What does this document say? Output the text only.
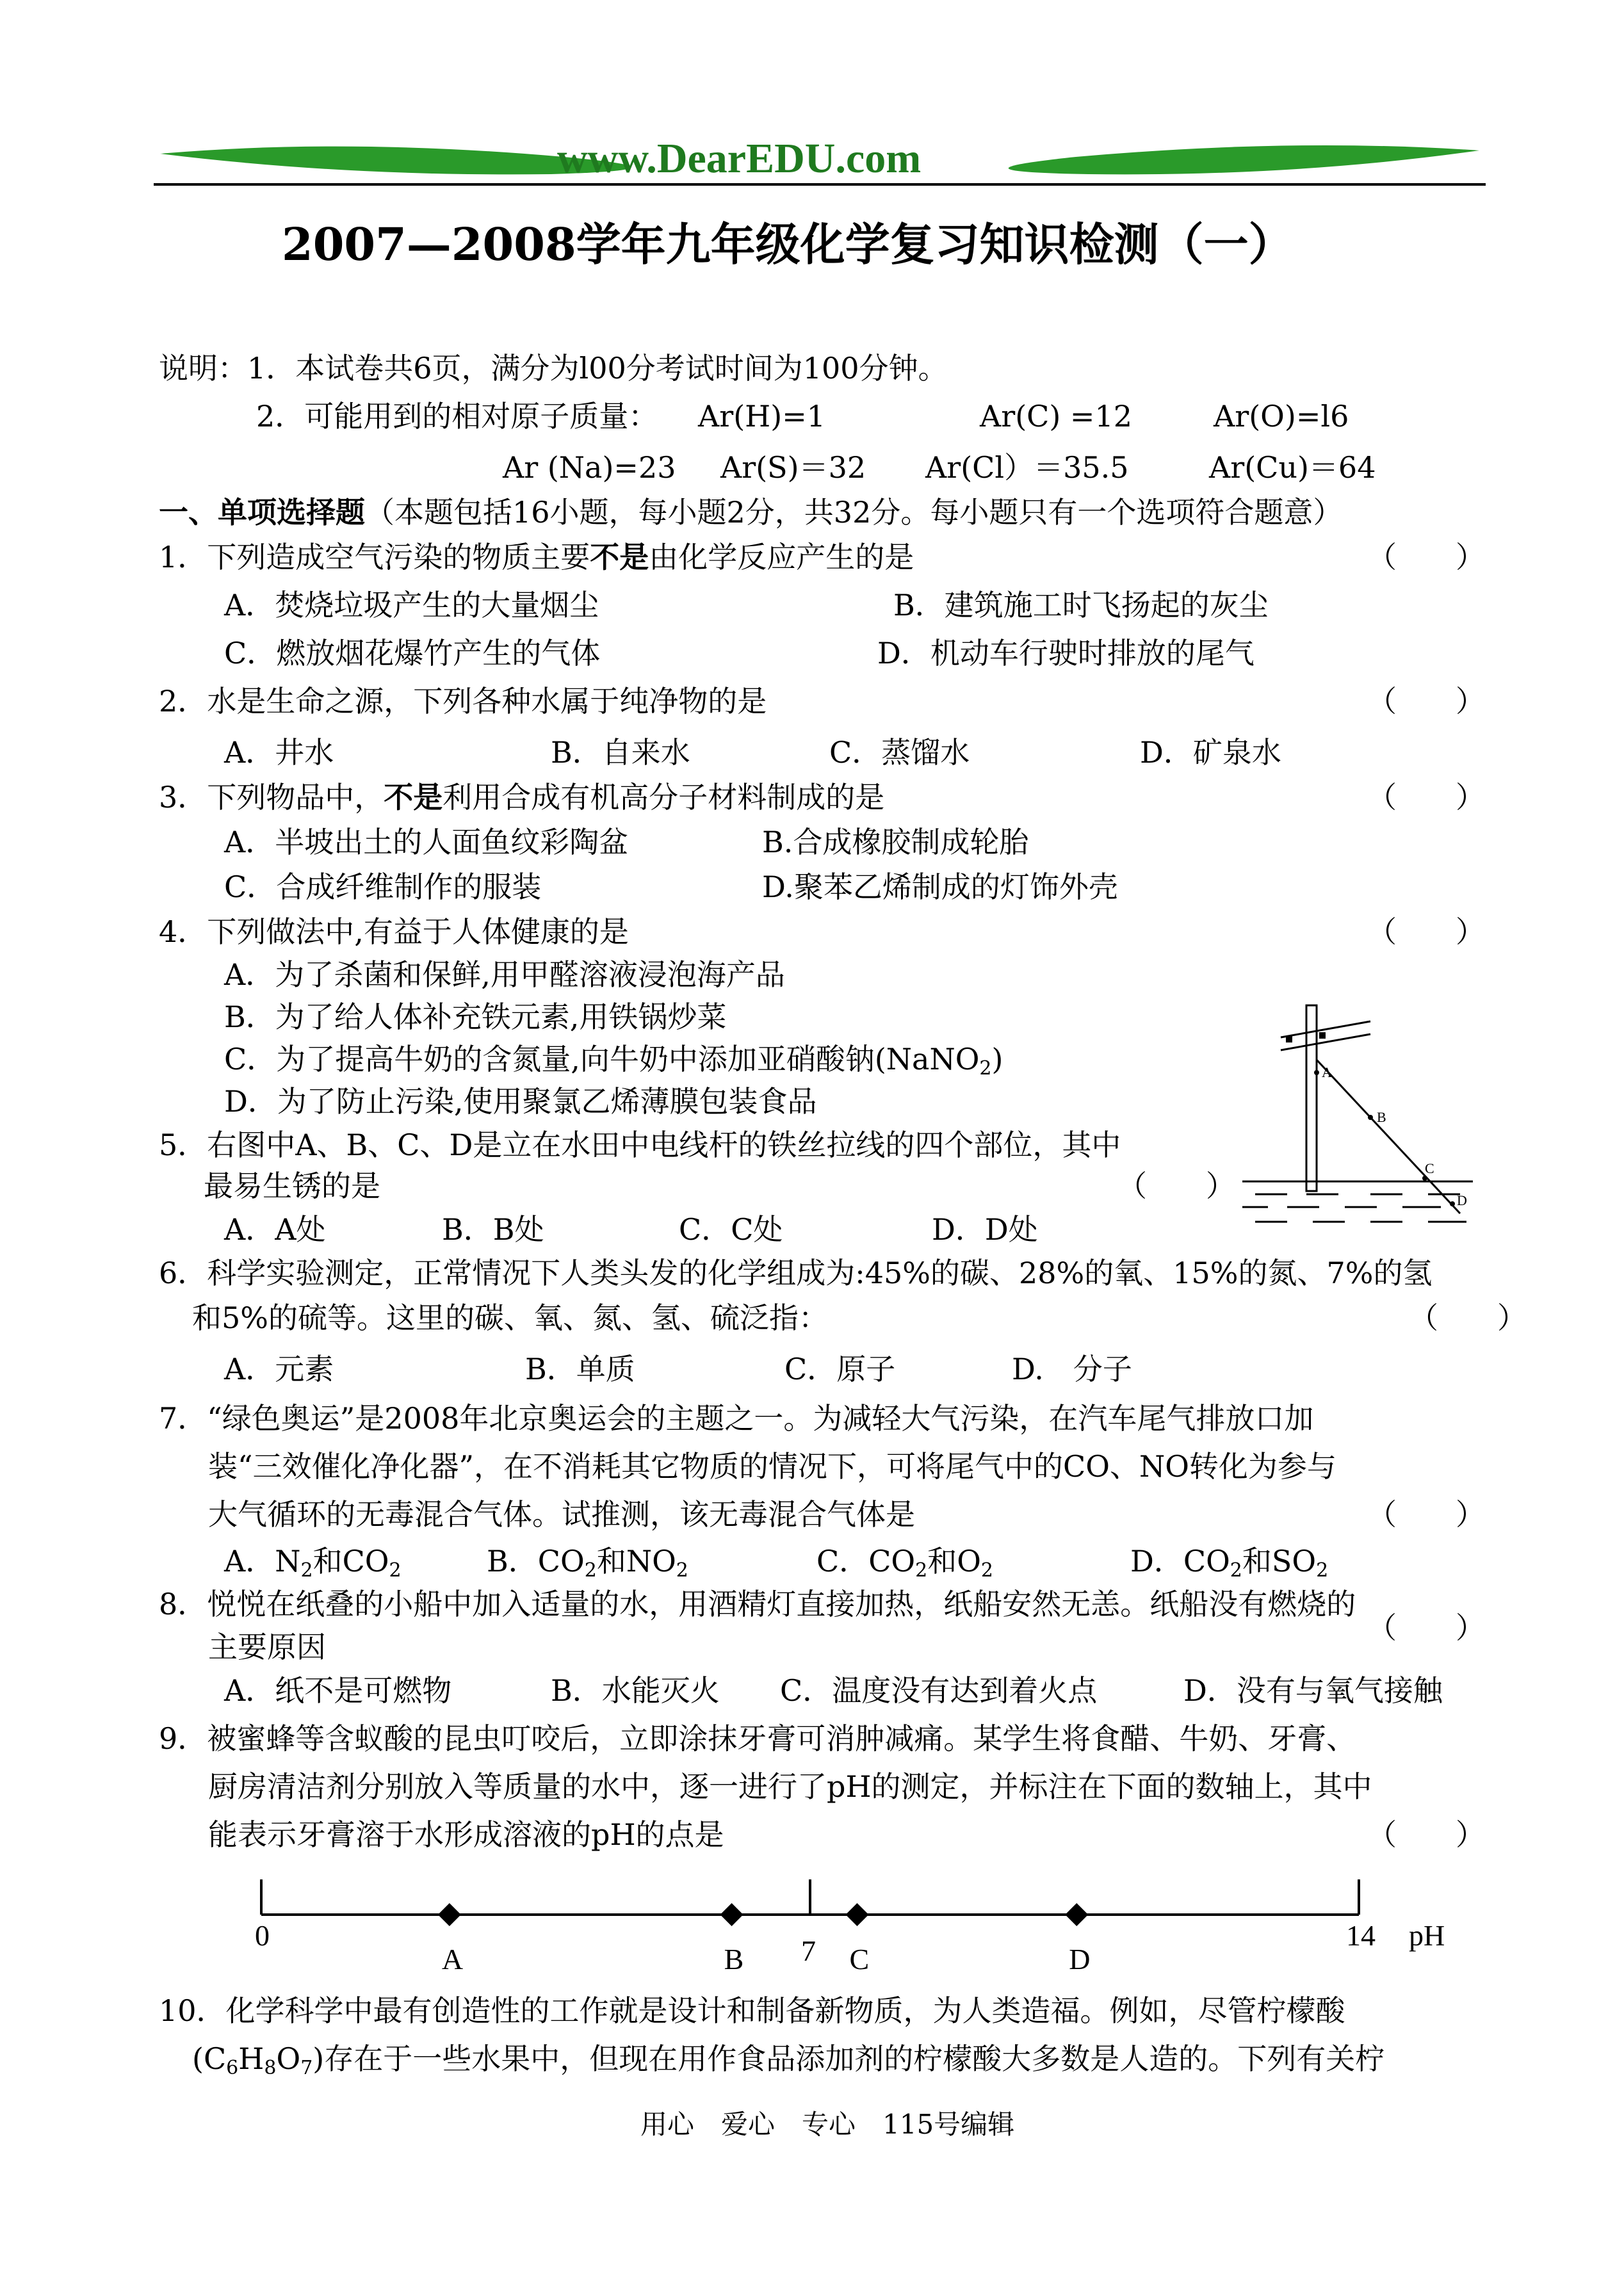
www.DearEDU.com
2007—2008学年九年级化学复习知识检测（一）
说明：1．本试卷共6页，满分为l00分考试时间为100分钟。
2．可能用到的相对原子质量： Ar(H)=1	Ar(C) =12	Ar(O)=l6
Ar (Na)=23 Ar(S)＝32 Ar(Cl）＝35.5	Ar(Cu)＝64
一、单项选择题（本题包括16小题，每小题2分，共32分。每小题只有一个选项符合题意）
1．下列造成空气污染的物质主要不是由化学反应产生的是	（　　）
A．焚烧垃圾产生的大量烟尘	B．建筑施工时飞扬起的灰尘
C．燃放烟花爆竹产生的气体	D．机动车行驶时排放的尾气
2．水是生命之源，下列各种水属于纯净物的是	（　　）
A．井水	B．自来水	C．蒸馏水	D．矿泉水
3．下列物品中，不是利用合成有机高分子材料制成的是	（　　）
A．半坡出土的人面鱼纹彩陶盆	B.合成橡胶制成轮胎
C．合成纤维制作的服装	D.聚苯乙烯制成的灯饰外壳
4．下列做法中,有益于人体健康的是	（　　）
A．为了杀菌和保鲜,用甲醛溶液浸泡海产品
B．为了给人体补充铁元素,用铁锅炒菜
C．为了提高牛奶的含氮量,向牛奶中添加亚硝酸钠(NaNO$_2$)
D．为了防止污染,使用聚氯乙烯薄膜包装食品
5．右图中A、B、C、D是立在水田中电线杆的铁丝拉线的四个部位，其中
最易生锈的是	（　　）
A．A处	B．B处	C．C处	D．D处
A
B
C
D
6．科学实验测定，正常情况下人类头发的化学组成为:45%的碳、28%的氧、15%的氮、7%的氢
和5%的硫等。这里的碳、氧、氮、氢、硫泛指：	（　　）
A．元素	B．单质	C．原子	D.　分子
7．“绿色奥运”是2008年北京奥运会的主题之一。为减轻大气污染，在汽车尾气排放口加
装“三效催化净化器”，在不消耗其它物质的情况下，可将尾气中的CO、NO转化为参与
大气循环的无毒混合气体。试推测，该无毒混合气体是	（　　）
A．$N_2$和$CO_2$	B．$CO_2$和$NO_2$	C．$CO_2$和$O_2$	D．$CO_2$和$SO_2$
8．悦悦在纸叠的小船中加入适量的水，用酒精灯直接加热，纸船安然无恙。纸船没有燃烧的
主要原因
（　　）
A．纸不是可燃物	B．水能灭火 C．温度没有达到着火点	D．没有与氧气接触
9．被蜜蜂等含蚁酸的昆虫叮咬后，立即涂抹牙膏可消肿减痛。某学生将食醋、牛奶、牙膏、
厨房清洁剂分别放入等质量的水中，逐一进行了pH的测定，并标注在下面的数轴上，其中
能表示牙膏溶于水形成溶液的pH的点是	（　　）
0	7	14 pH
A	B	C	D
10．化学科学中最有创造性的工作就是设计和制备新物质，为人类造福。例如，尽管柠檬酸
$(C_6H_8O_7)$存在于一些水果中，但现在用作食品添加剂的柠檬酸大多数是人造的。下列有关柠
用心　爱心　专心　115号编辑
